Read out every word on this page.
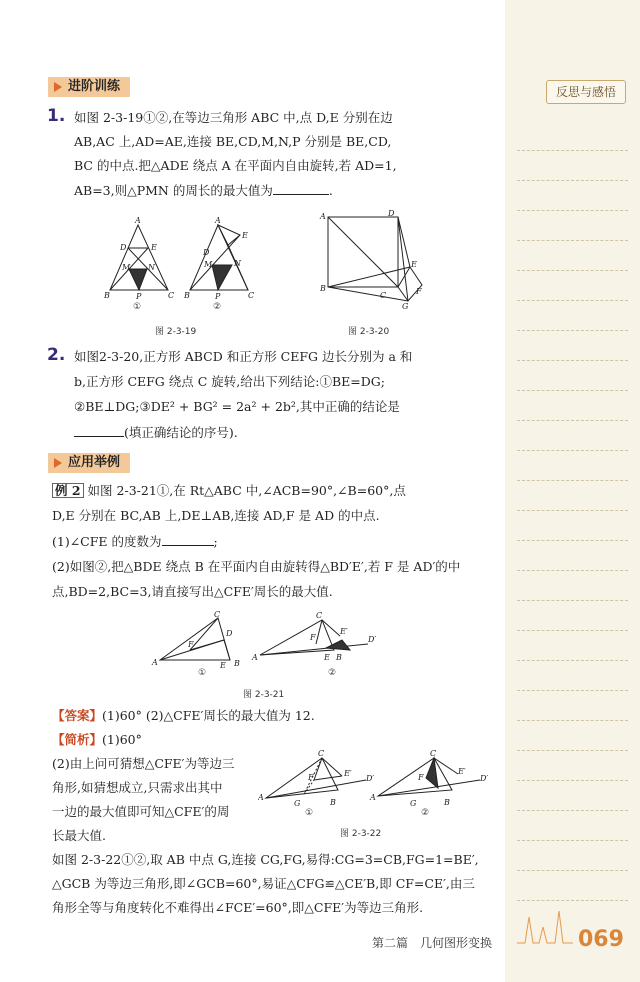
反思与感悟
进阶训练
1. 如图 2-3-19①②,在等边三角形 ABC 中,点 D,E 分别在边
AB,AC 上,AD=AE,连接 BE,CD,M,N,P 分别是 BE,CD,
BC 的中点.把△ADE 绕点 A 在平面内自由旋转,若 AD=1,
AB=3,则△PMN 的周长的最大值为	.
A
D	E
M N
B	P	C
A
E
D
M	N
B	P	C
①	②
图 2-3-19
A	D
B
C
E
F
G
图 2-3-20
2. 如图2-3-20,正方形 ABCD 和正方形 CEFG 边长分别为 a 和
b,正方形 CEFG 绕点 C 旋转,给出下列结论:①BE=DG;
②BE⊥DG;③DE² + BG² = 2a² + 2b²,其中正确的结论是
(填正确结论的序号).
应用举例
例 2 如图 2-3-21①,在 Rt△ABC 中,∠ACB=90°,∠B=60°,点
D,E 分别在 BC,AB 上,DE⊥AB,连接 AD,F 是 AD 的中点.
(1)∠CFE 的度数为	;
(2)如图②,把△BDE 绕点 B 在平面内自由旋转得△BD′E′,若 F 是 AD′的中
点,BD=2,BC=3,请直接写出△CFE′周长的最大值.
A
C
D
F
E B
A
C
F
E′
D′
E B
①	②
图 2-3-21
【答案】(1)60° (2)△CFE′周长的最大值为 12.
【简析】(1)60°
(2)由上问可猜想△CFE′为等边三
角形,如猜想成立,只需求出其中
一边的最大值即可知△CFE′的周
长最大值.
A
C
E′
D′
F
G	B
A
C
E′
D′
F
G	B
①	②
图 2-3-22
如图 2-3-22①②,取 AB 中点 G,连接 CG,FG,易得:CG=3=CB,FG=1=BE′,
△GCB 为等边三角形,即∠GCB=60°,易证△CFG≌△CE′B,即 CF=CE′,由三
角形全等与角度转化不难得出∠FCE′=60°,即△CFE′为等边三角形.
第二篇 几何图形变换	069
